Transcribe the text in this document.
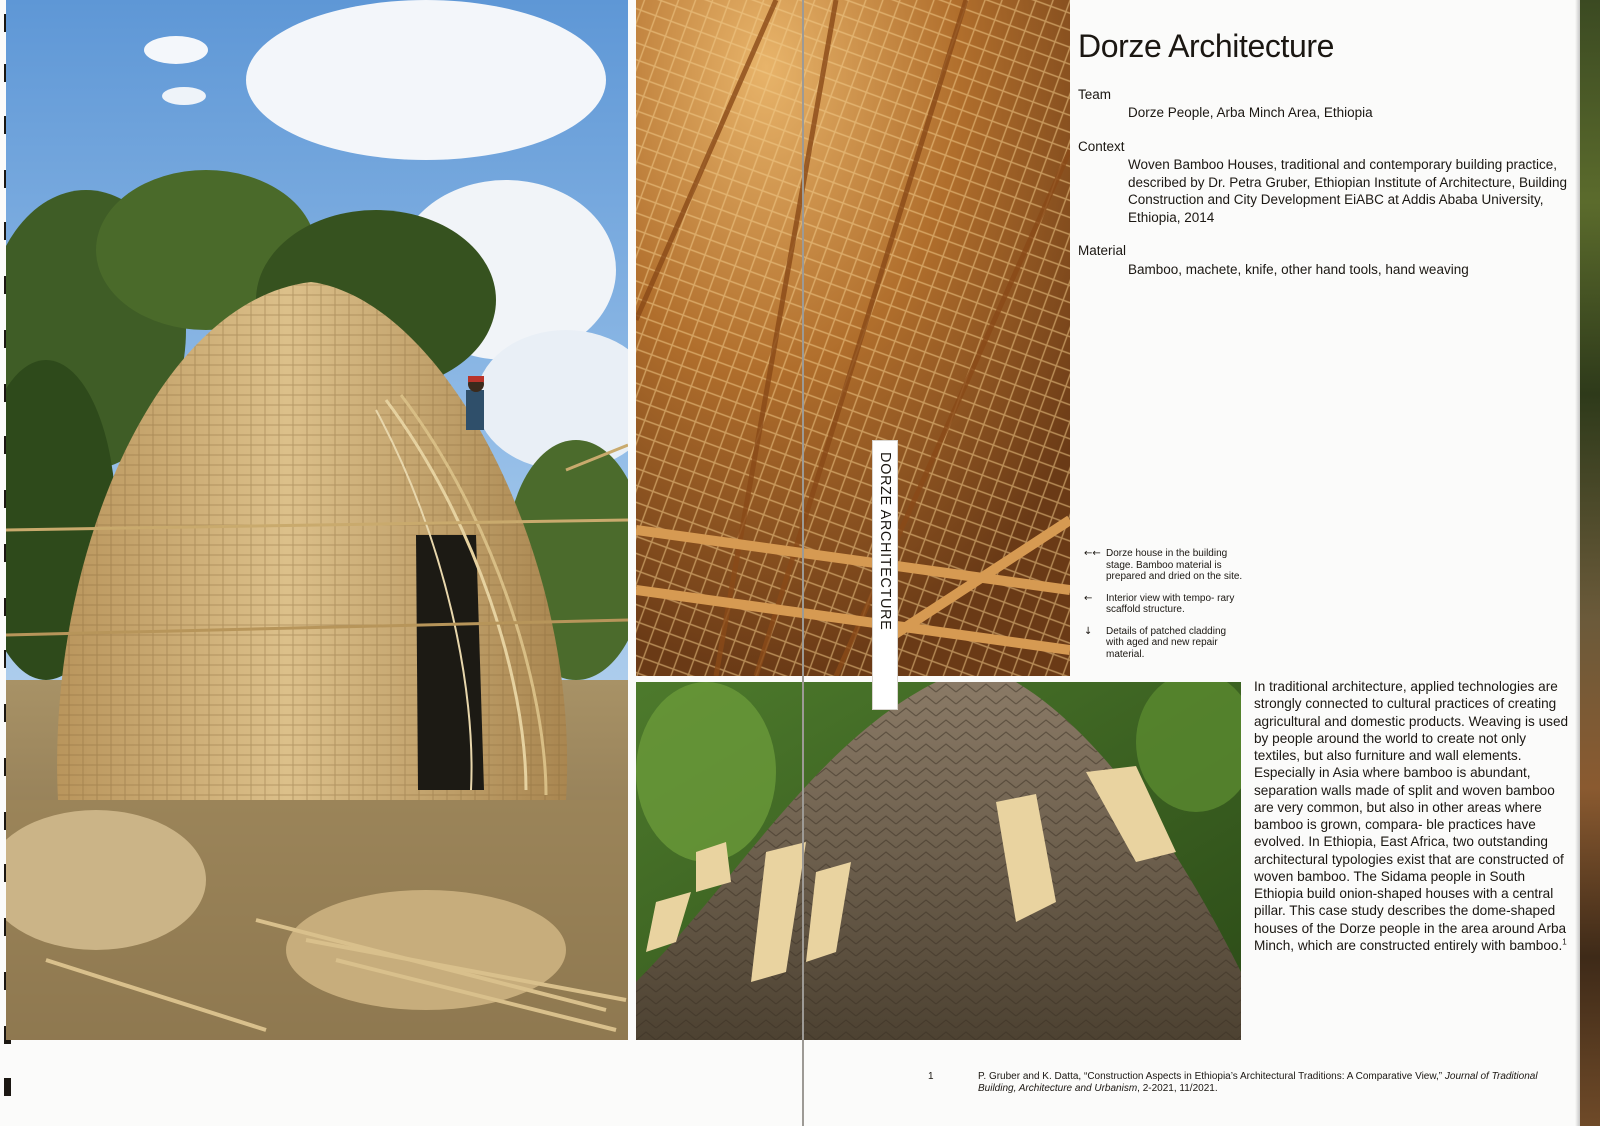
DORZE ARCHITECTURE
Dorze Architecture
Team
Dorze People, Arba Minch Area, Ethiopia
Context
Woven Bamboo Houses, traditional and contemporary building practice, described by Dr. Petra Gruber, Ethiopian Institute of Architecture, Building Construction and City Development EiABC at Addis Ababa University, Ethiopia, 2014
Material
Bamboo, machete, knife, other hand tools, hand weaving
←← Dorze house in the building stage. Bamboo material is prepared and dried on the site.
←	Interior view with tempo- rary scaffold structure.
↓	Details of patched cladding with aged and new repair material.
In traditional architecture, applied technologies are strongly connected to cultural practices of creating agricultural and domestic products. Weaving is used by people around the world to create not only textiles, but also furniture and wall elements. Especially in Asia where bamboo is abundant, separation walls made of split and woven bamboo are very common, but also in other areas where bamboo is grown, compara- ble practices have evolved. In Ethiopia, East Africa, two outstanding architectural typologies exist that are constructed of woven bamboo. The Sidama people in South Ethiopia build onion-shaped houses with a central pillar. This case study describes the dome-shaped houses of the Dorze people in the area around Arba Minch, which are constructed entirely with bamboo.$^1$
1	P. Gruber and K. Datta, “Construction Aspects in Ethiopia’s Architectural Traditions: A Comparative View,” Journal of Traditional Building, Architecture and Urbanism, 2-2021, 11/2021.
